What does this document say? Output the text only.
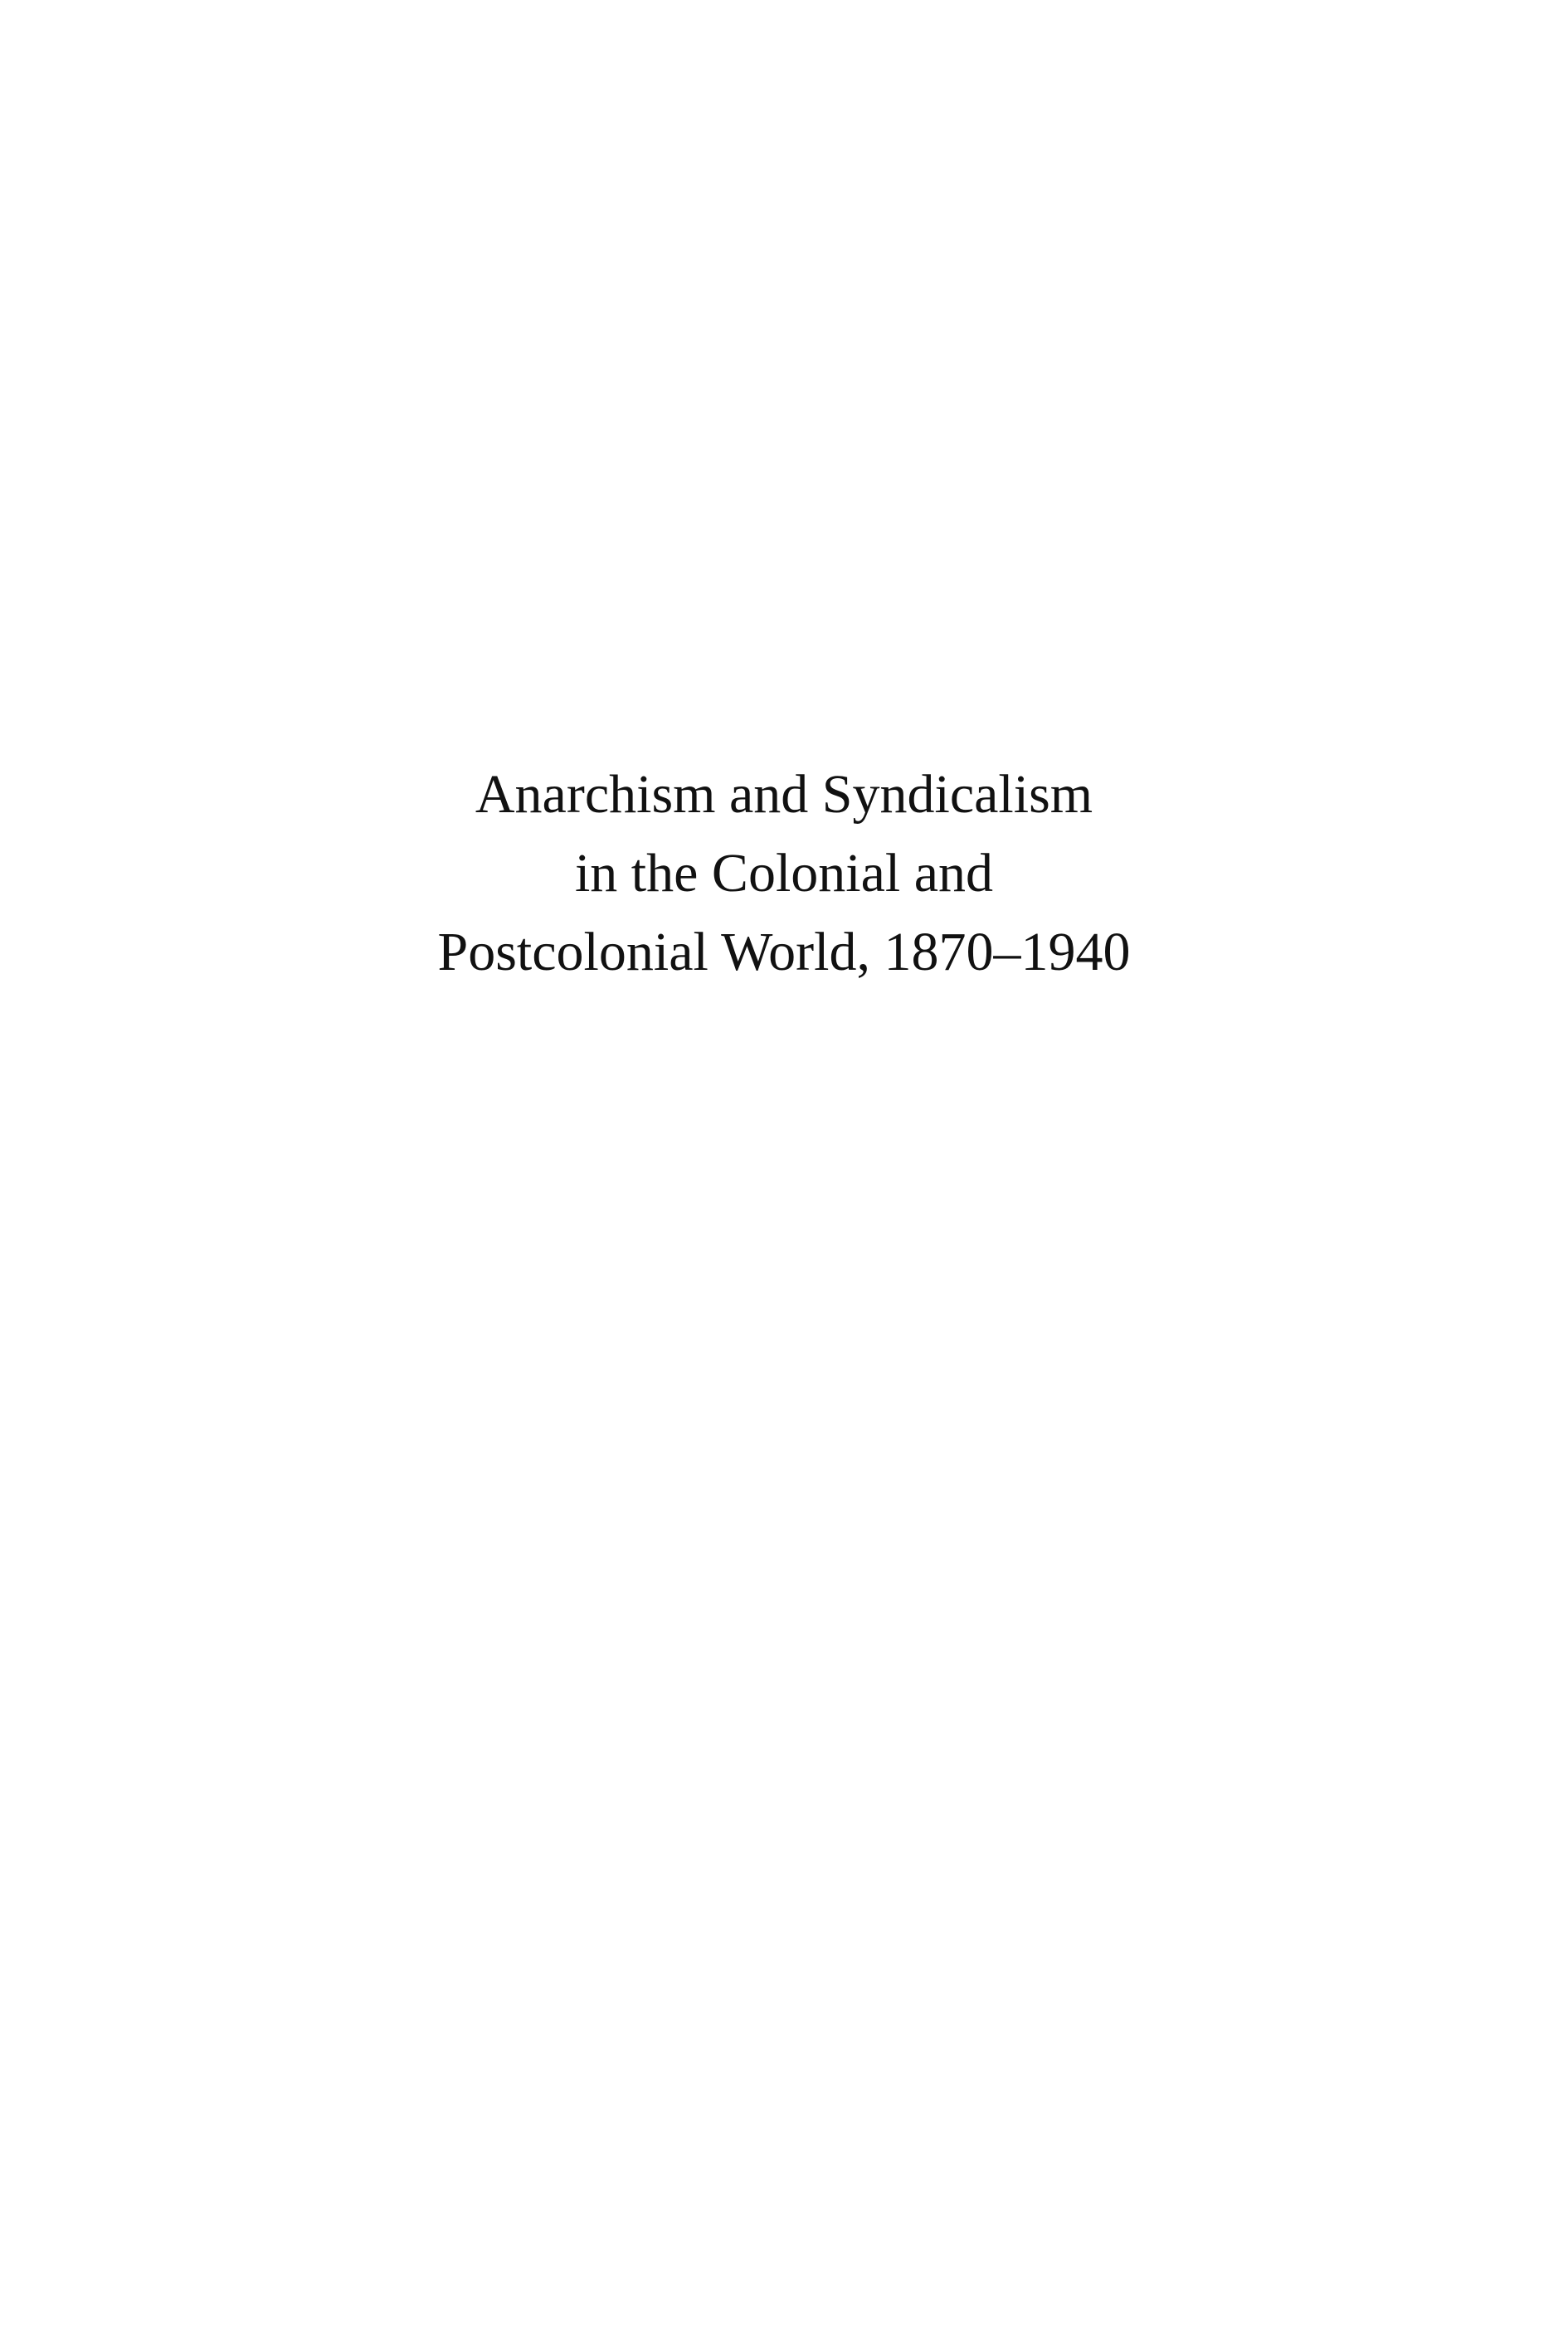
Anarchism and Syndicalism
in the Colonial and
Postcolonial World, 1870–1940
